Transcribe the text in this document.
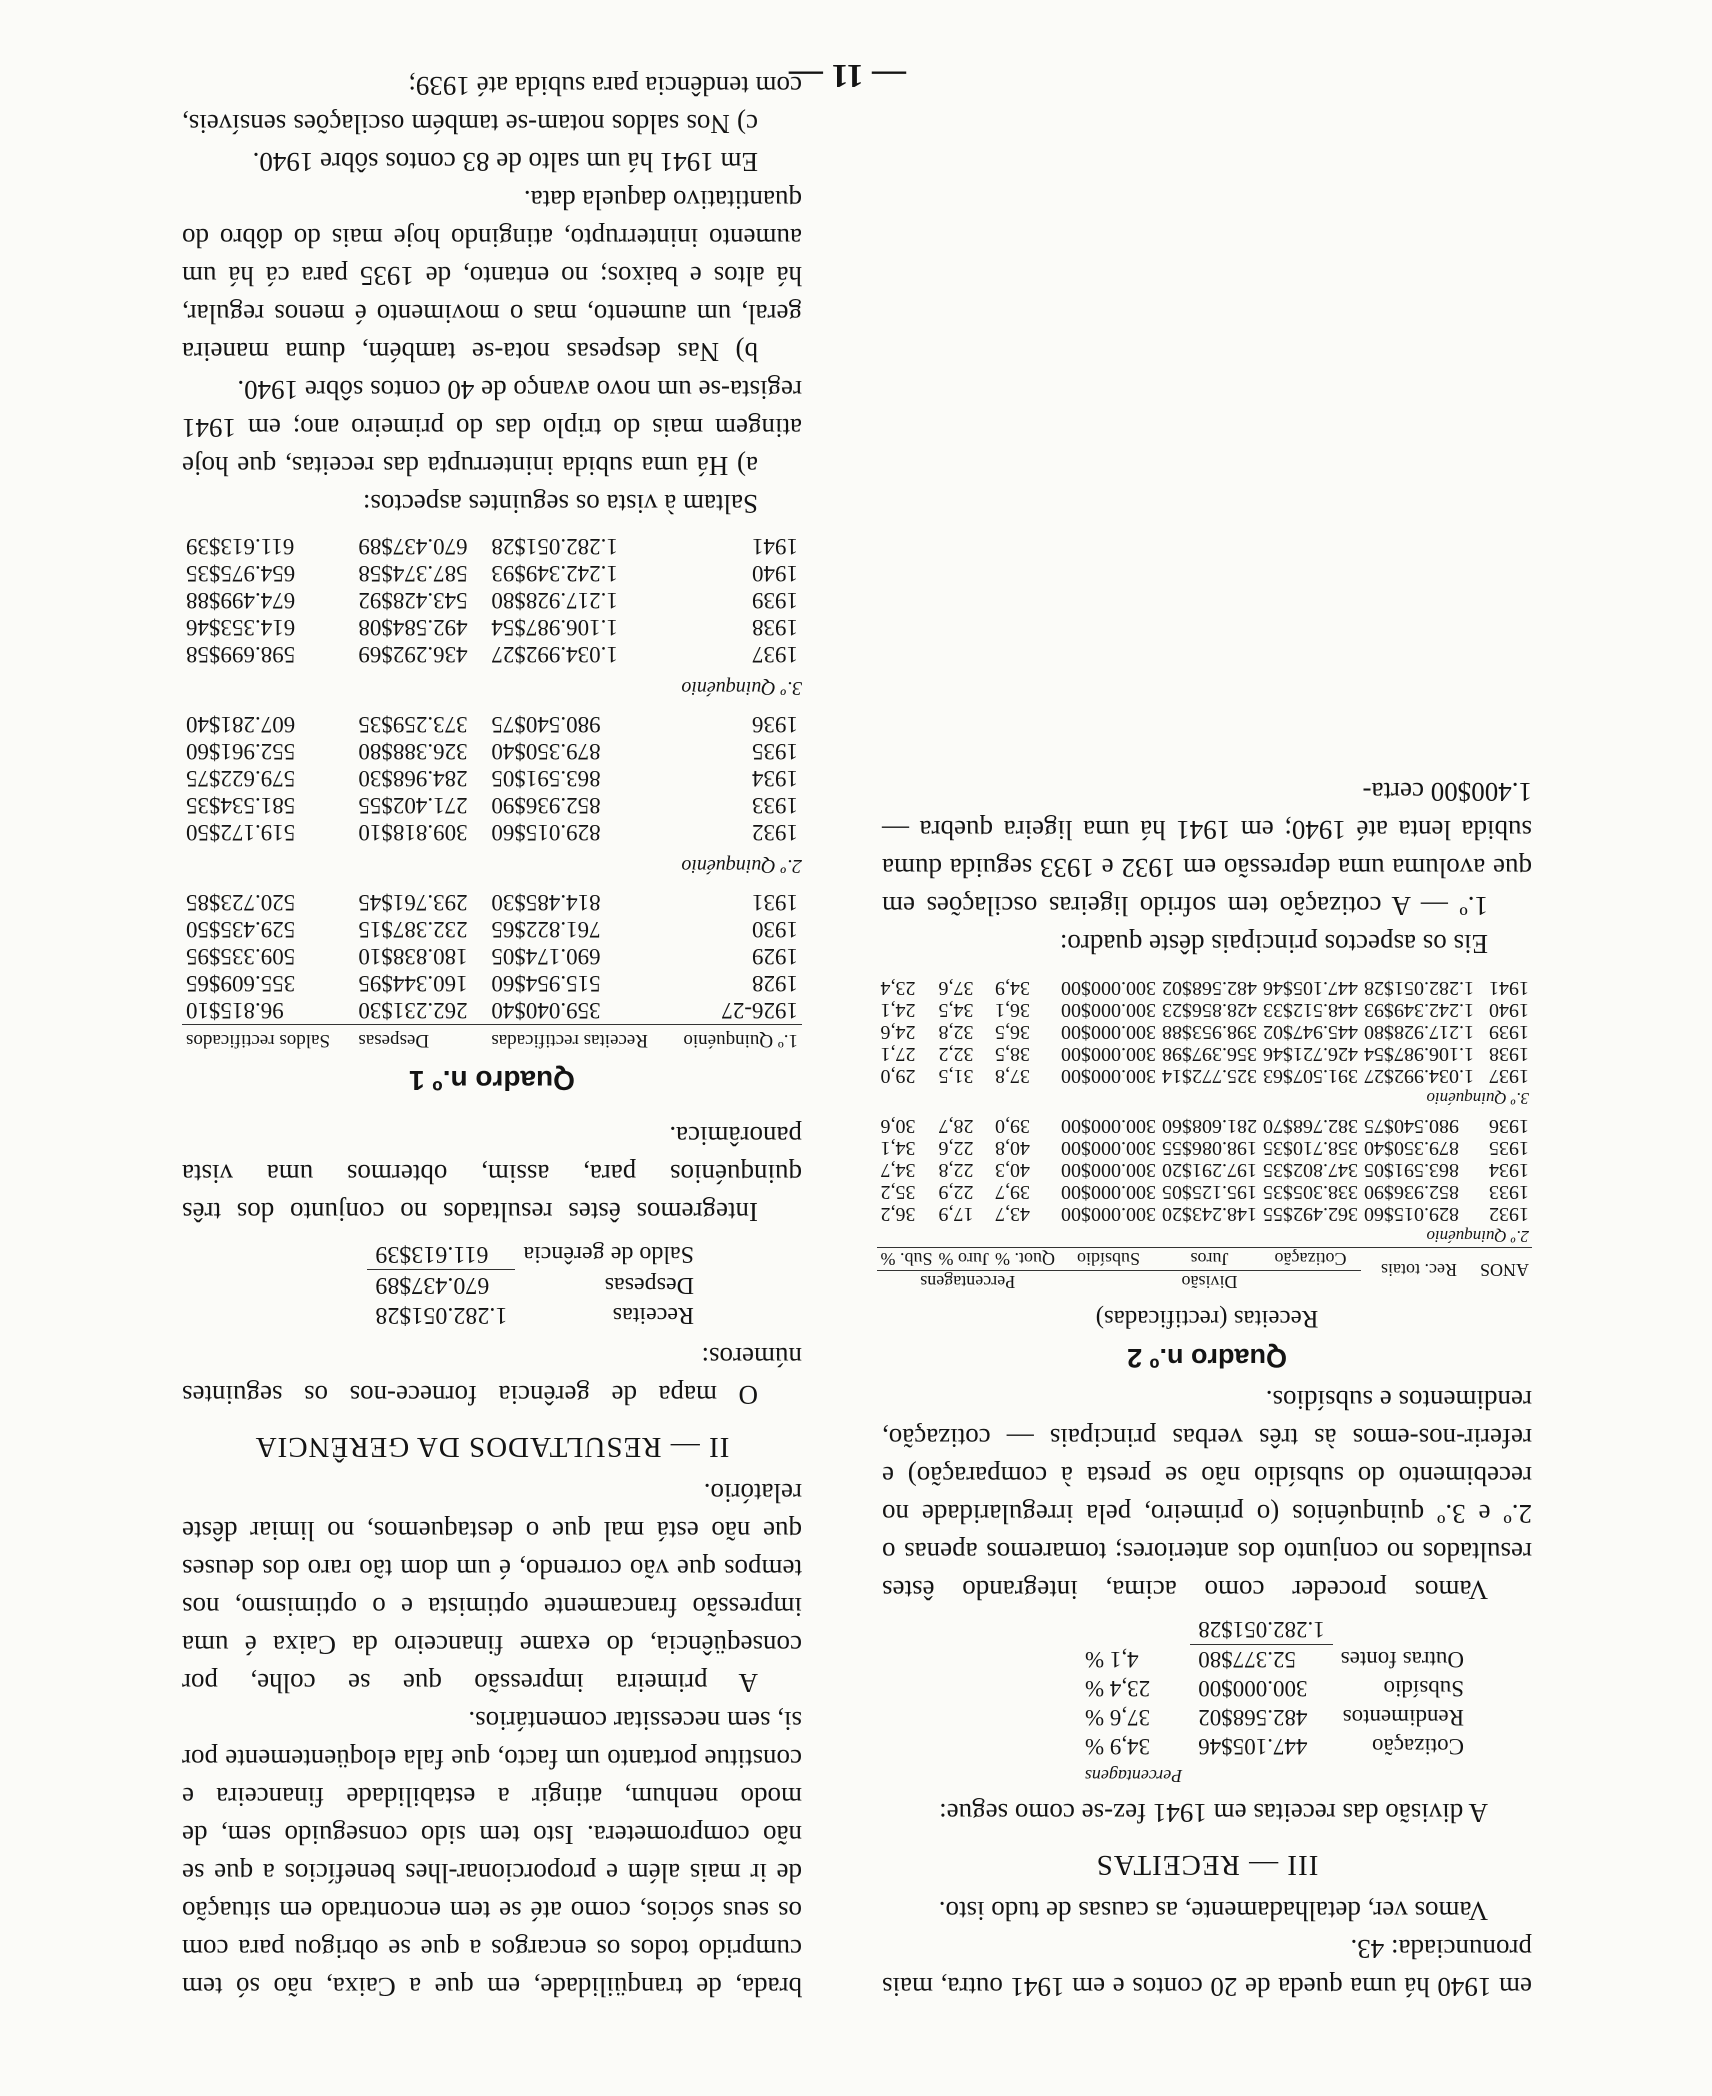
— 11 —

brada, de tranqüilidade, em que a Caixa, não só tem cumprido todos os encargos a que se obrigou para com os seus sócios, como até se tem encontrado em situação de ir mais além e proporcionar-lhes benefícios a que se não comprometera. Isto tem sido conseguido sem, de modo nenhum, atingir a estabilidade financeira e constitue portanto um facto, que fala eloqüentemente por si, sem necessitar comentários.

A primeira impressão que se colhe, por conseqüência, do exame financeiro da Caixa é uma impressão francamente optimista e o optimismo, nos tempos que vão correndo, é um dom tão raro dos deuses que não está mal que o destaquemos, no limiar dêste relatório.

II — RESULTADOS DA GERÊNCIA

O mapa de gerência fornece-nos os seguintes números:

Receitas	1.282.051$28
Despesas	670.437$89
Saldo de gerência	611.613$39

Integremos êstes resultados no conjunto dos três quinquénios para, assim, obtermos uma vista panorâmica.

Quadro n.º 1
1.º Quinquénio	Receitas rectificadas	Despesas	Saldos rectificados
1926-27	359.040$40	262.231$30	96.815$10
1928	515.954$60	160.344$95	355.609$65
1929	690.174$05	180.838$10	509.335$95
1930	761.822$65	232.387$15	529.435$50
1931	814.485$30	293.761$45	520.723$85
2.º Quinquénio			
1932	829.015$60	309.818$10	519.172$50
1933	852.936$90	271.402$55	581.534$35
1934	863.591$05	284.968$30	579.622$75
1935	879.350$40	326.388$80	552.961$60
1936	980.540$75	373.259$35	607.281$40
3.º Quinquénio			
1937	1.034.992$27	436.292$69	598.699$58
1938	1.106.987$54	492.584$08	614.353$46
1939	1.217.928$80	543.428$92	674.499$88
1940	1.242.349$93	587.374$58	654.975$35
1941	1.282.051$28	670.437$89	611.613$39

Saltam à vista os seguintes aspectos:

a) Há uma subida ininterrupta das receitas, que hoje atingem mais do triplo das do primeiro ano; em 1941 regista-se um novo avanço de 40 contos sôbre 1940.

b) Nas despesas nota-se também, duma maneira geral, um aumento, mas o movimento é menos regular, há altos e baixos; no entanto, de 1935 para cá há um aumento ininterrupto, atingindo hoje mais do dôbro do quantitativo daquela data.

Em 1941 há um salto de 83 contos sôbre 1940.

c) Nos saldos notam-se também oscilações sensíveis, com tendência para subida até 1939;

em 1940 há uma queda de 20 contos e em 1941 outra, mais pronunciada: 43.

Vamos ver, detalhadamente, as causas de tudo isto.

III — RECEITAS

A divisão das receitas em 1941 fez-se como segue:

		Percentagens
Cotização	447.105$46	34,9 %
Rendimentos	482.568$02	37,6 %
Subsídio	300.000$00	23,4 %
Outras fontes	52.377$80	4,1 %
	1.282.051$28	

Vamos proceder como acima, integrando êstes resultados no conjunto dos anteriores; tomaremos apenas o 2.º e 3.º quinquénios (o primeiro, pela irregularidade no recebimento do subsídio não se presta à comparação) e referir-nos-emos às três verbas principais — cotização, rendimentos e subsídios.

Quadro n.º 2
Receitas (rectificadas)
ANOS	Rec. totais	Divisão			Percentagens		
		Cotização	Juros	Subsídio	Quot. %	Juro %	Sub. %
2.º Quinquénio							
1932	829.015$60	362.492$55	148.243$20	300.000$00	43,7	17,9	36,2
1933	852.936$90	338.305$35	195.125$05	300.000$00	39,7	22,9	35,2
1934	863.591$05	347.802$35	197.291$20	300.000$00	40,3	22,8	34,7
1935	879.350$40	358.710$35	198.086$55	300.000$00	40,8	22,6	34,1
1936	980.540$75	382.768$70	281.608$60	300.000$00	39,0	28,7	30,6
3.º Quinquénio							
1937	1.034.992$27	391.507$63	325.772$14	300.000$00	37,8	31,5	29,0
1938	1.106.987$54	426.721$46	356.397$98	300.000$00	38,5	32,2	27,1
1939	1.217.928$80	445.947$02	398.953$88	300.000$00	36,5	32,8	24,6
1940	1.242.349$93	448.512$33	428.856$23	300.000$00	36,1	34,5	24,1
1941	1.282.051$28	447.105$46	482.568$02	300.000$00	34,9	37,6	23,4

Eis os aspectos principais dêste quadro:

1.º — A cotização tem sofrido ligeiras oscilações em que avoluma uma depressão em 1932 e 1933 seguida duma subida lenta até 1940; em 1941 há uma ligeira quebra — 1.400$00 certa-
